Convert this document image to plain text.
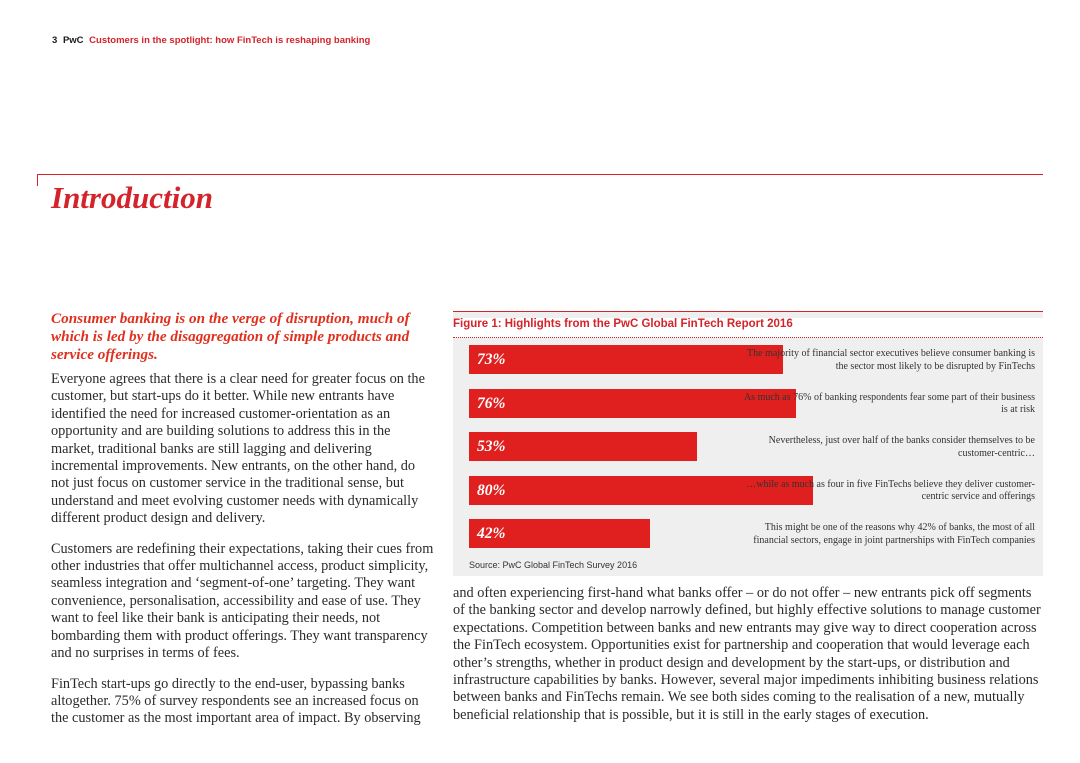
3 PwC Customers in the spotlight: how FinTech is reshaping banking
Introduction

Consumer banking is on the verge of disruption, much of which is led by the disaggregation of simple products and service offerings.

Everyone agrees that there is a clear need for greater focus on the customer, but start-ups do it better. While new entrants have identified the need for increased customer-orientation as an opportunity and are building solutions to address this in the market, traditional banks are still lagging and delivering incremental improvements. New entrants, on the other hand, do not just focus on customer service in the traditional sense, but understand and meet evolving customer needs with dynamically different product design and delivery.

Customers are redefining their expectations, taking their cues from other industries that offer multichannel access, product simplicity, seamless integration and ‘segment-of-one’ targeting. They want convenience, personalisation, accessibility and ease of use. They want to feel like their bank is anticipating their needs, not bombarding them with product offerings. They want transparency and no surprises in terms of fees.

FinTech start-ups go directly to the end-user, bypassing banks altogether. 75% of survey respondents see an increased focus on the customer as the most important area of impact. By observing

Figure 1: Highlights from the PwC Global FinTech Report 2016
Source: PwC Global FinTech Survey 2016
73%	The majority of financial sector executives believe consumer banking is the sector most likely to be disrupted by FinTechs
76%	As much as 76% of banking respondents fear some part of their business is at risk
53%	Nevertheless, just over half of the banks consider themselves to be customer-centric…
80%	…while as much as four in five FinTechs believe they deliver customer-centric service and offerings
42%	This might be one of the reasons why 42% of banks, the most of all financial sectors, engage in joint partnerships with FinTech companies

and often experiencing first-hand what banks offer – or do not offer – new entrants pick off segments of the banking sector and develop narrowly defined, but highly effective solutions to manage customer expectations. Competition between banks and new entrants may give way to direct cooperation across the FinTech ecosystem. Opportunities exist for partnership and cooperation that would leverage each other’s strengths, whether in product design and development by the start-ups, or distribution and infrastructure capabilities by banks. However, several major impediments inhibiting business relations between banks and FinTechs remain. We see both sides coming to the realisation of a new, mutually beneficial relationship that is possible, but it is still in the early stages of execution.
